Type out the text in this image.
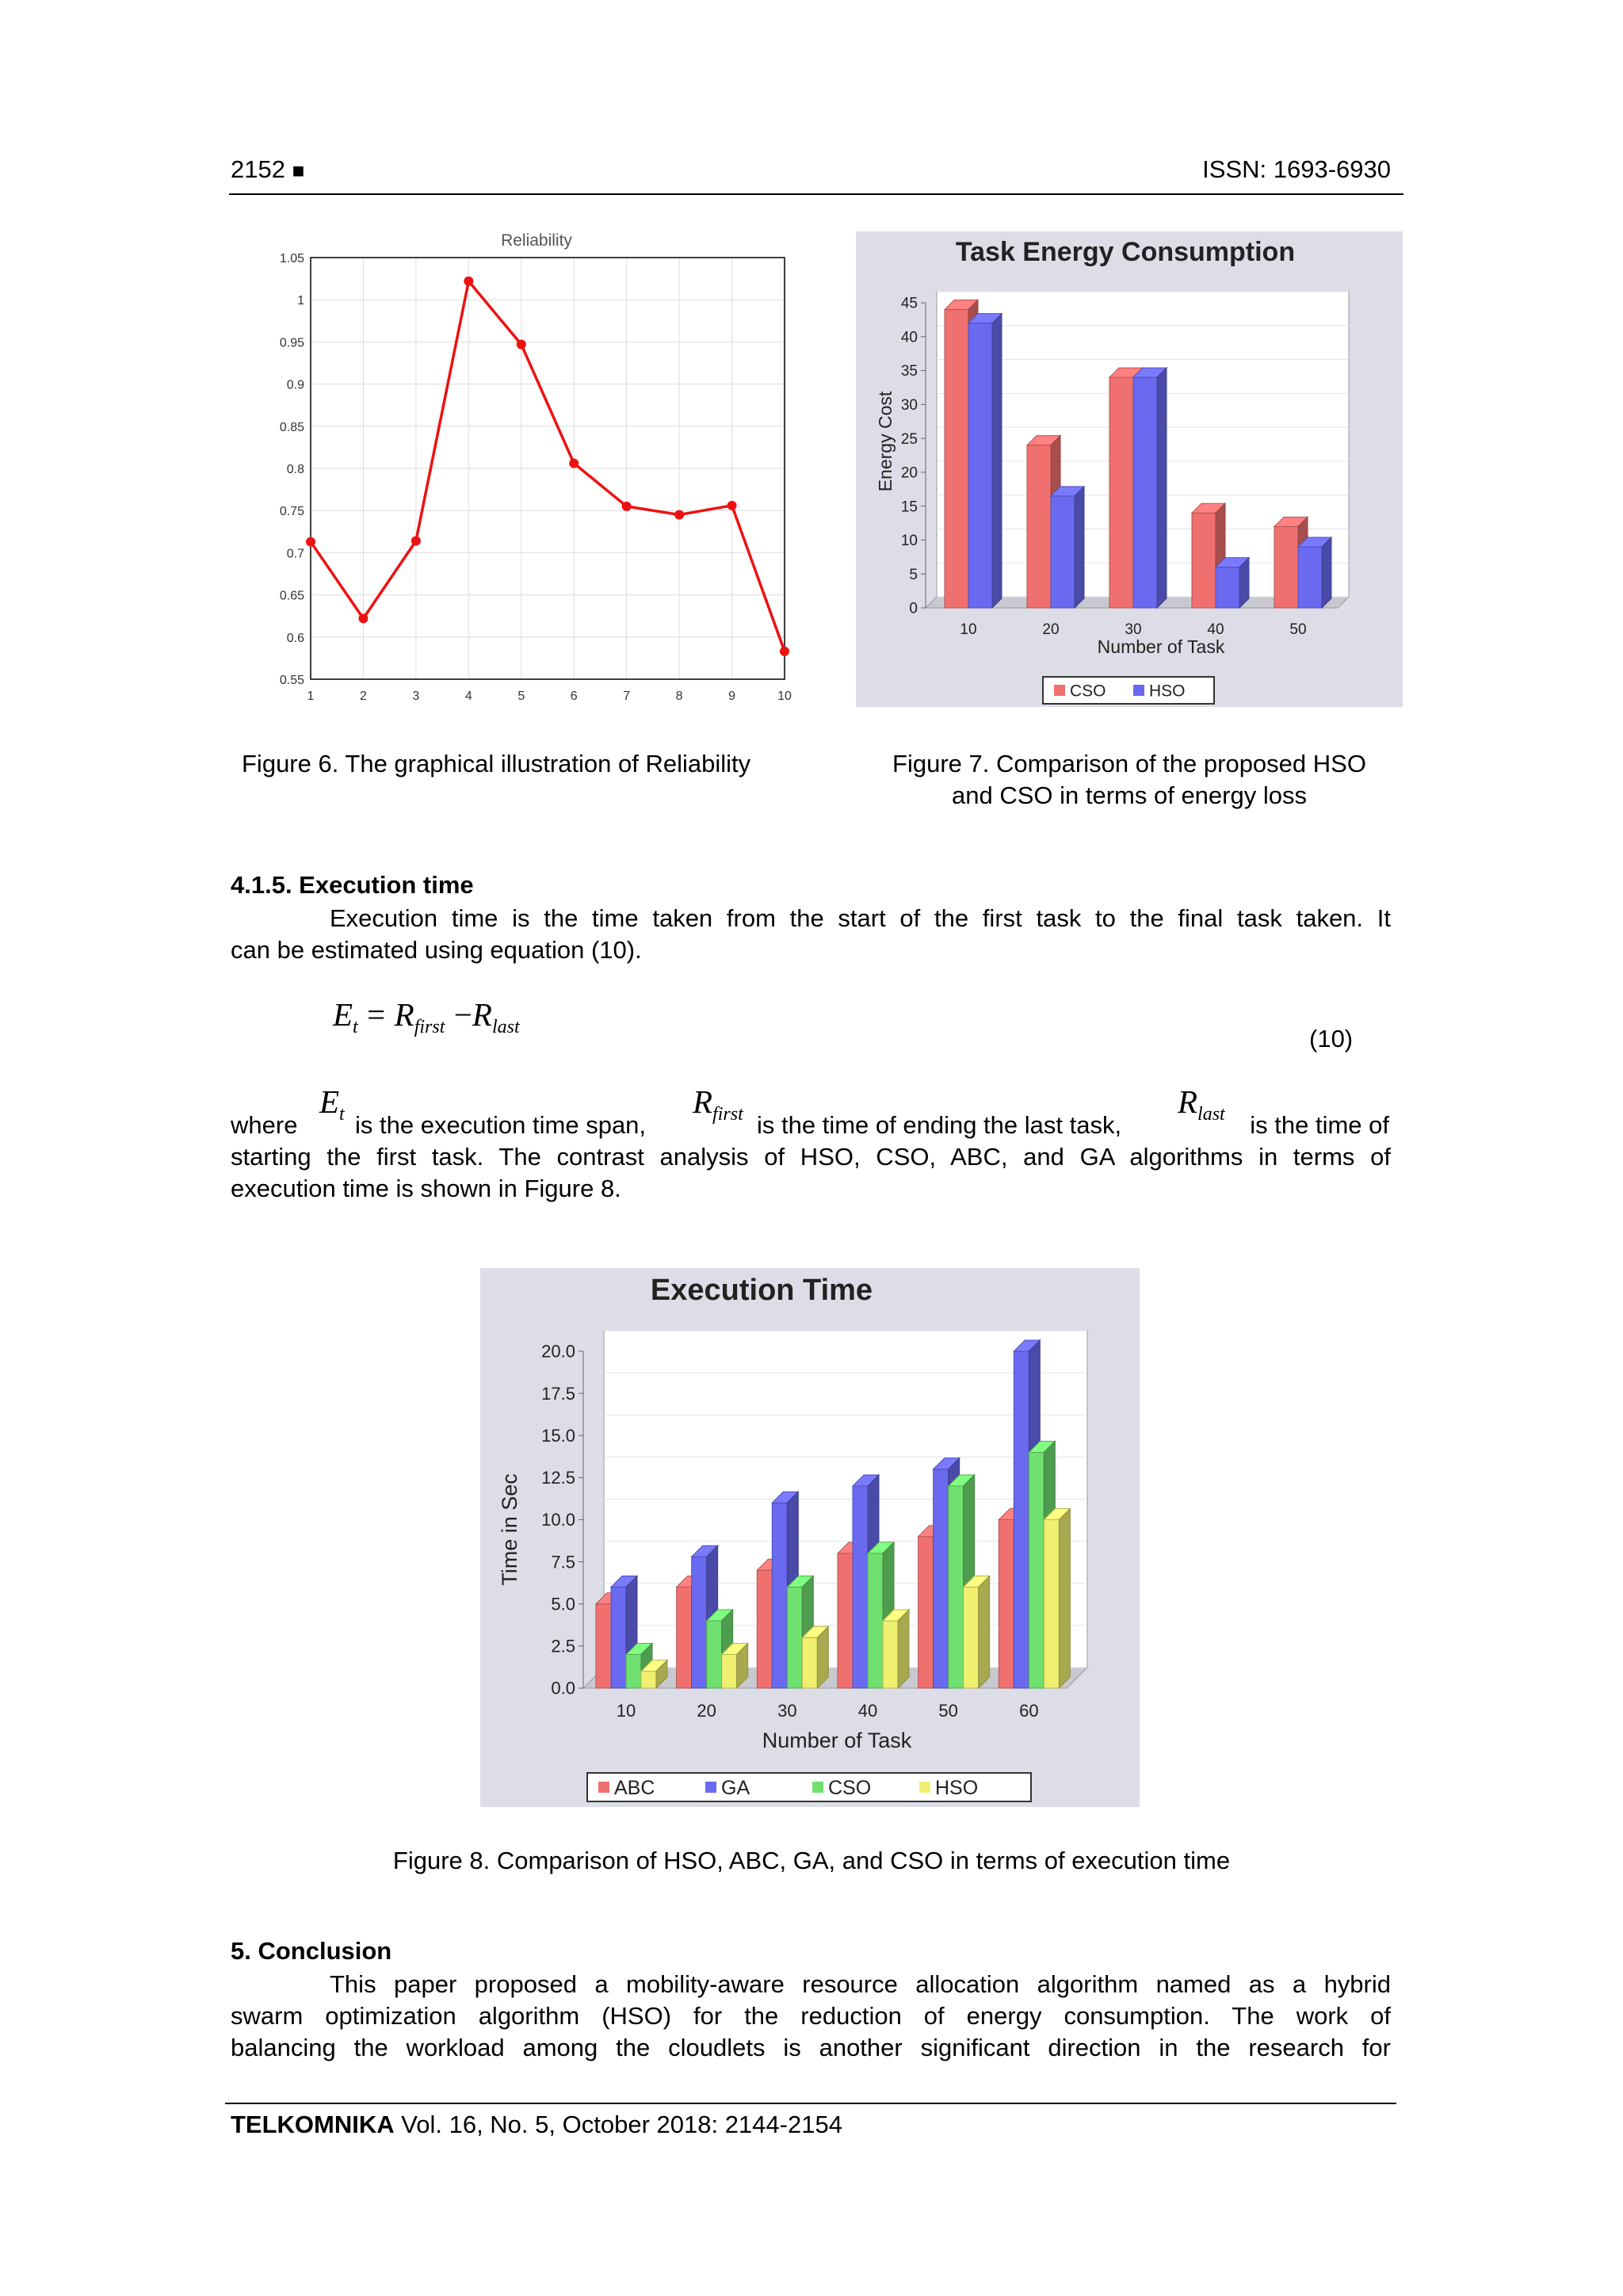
2152 ■	ISSN: 1693-6930
Reliability
1	2	3	4	5	6	7	8	9	10
0.55
0.6
0.65
0.7
0.75
0.8
0.85
0.9
0.95
1
1.05
Figure 6. The graphical illustration of Reliability
Task Energy Consumption
0
5
10
15
20
25
30
35
40
45
10	20	30	40	50
Number of Task
Energy Cost
CSO	HSO
Figure 7. Comparison of the proposed HSO
and CSO in terms of energy loss
4.1.5. Execution time
Execution time is the time taken from the start of the first task to the final task taken. It
can be estimated using equation (10).
$E_t = R_{first} -R_{last}$	(10)
where
$E_t$ is the execution time span,
$R_{first}$ is the time of ending the last task,
$R_{last}$ is the time of
starting the first task. The contrast analysis of HSO, CSO, ABC, and GA algorithms in terms of
execution time is shown in Figure 8.
Execution Time
0.0
2.5
5.0
7.5
10.0
12.5
15.0
17.5
20.0
10	20	30	40	50	60
Number of Task
Time in Sec
ABC	GA	CSO	HSO
Figure 8. Comparison of HSO, ABC, GA, and CSO in terms of execution time
5. Conclusion
This paper proposed a mobility-aware resource allocation algorithm named as a hybrid
swarm optimization algorithm (HSO) for the reduction of energy consumption. The work of
balancing the workload among the cloudlets is another significant direction in the research for
TELKOMNIKA Vol. 16, No. 5, October 2018: 2144-2154
